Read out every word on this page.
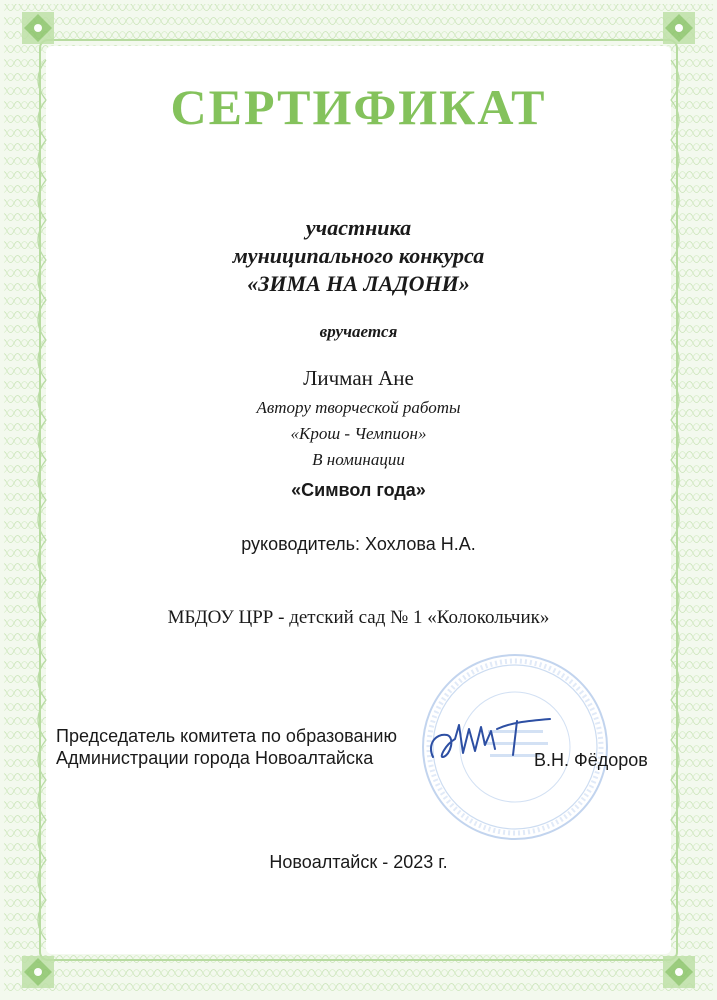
СЕРТИФИКАТ
участника
муниципального конкурса
«ЗИМА НА ЛАДОНИ»
вручается
Личман Ане
Автору творческой работы
«Крош - Чемпион»
В номинации
«Символ года»
руководитель: Хохлова Н.А.
МБДОУ ЦРР - детский сад № 1 «Колокольчик»
Председатель комитета по образованию
Администрации города Новоалтайска	В.Н. Фёдоров
Новоалтайск - 2023 г.
